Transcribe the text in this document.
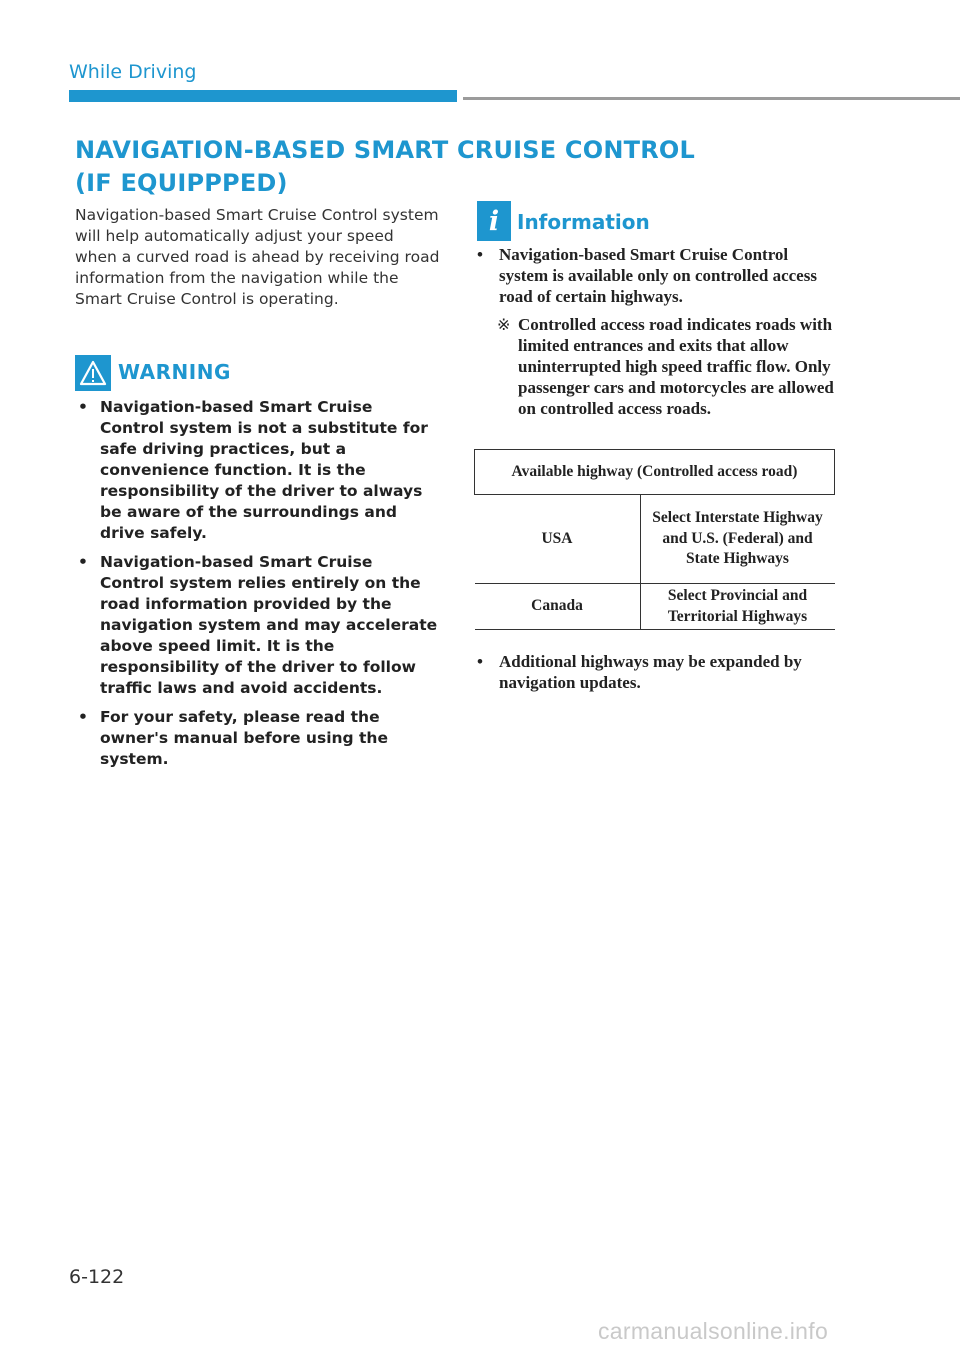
While Driving
NAVIGATION-BASED SMART CRUISE CONTROL
(IF EQUIPPPED)
Navigation-based Smart Cruise Control system will help automatically adjust your speed when a curved road is ahead by receiving road information from the navigation while the Smart Cruise Control is operating.
WARNING
• Navigation-based Smart Cruise Control system is not a substitute for safe driving practices, but a convenience function. It is the responsibility of the driver to always be aware of the surroundings and drive safely.
• Navigation-based Smart Cruise Control system relies entirely on the road information provided by the navigation system and may accelerate above speed limit. It is the responsibility of the driver to follow traffic laws and avoid accidents.
• For your safety, please read the owner's manual before using the system.
i Information
• Navigation-based Smart Cruise Control system is available only on controlled access road of certain highways.
※ Controlled access road indicates roads with limited entrances and exits that allow uninterrupted high speed traffic flow. Only passenger cars and motorcycles are allowed on controlled access roads.
Available highway (Controlled access road)	
USA	Select Interstate Highway and U.S. (Federal) and State Highways
Canada	Select Provincial and Territorial Highways
• Additional highways may be expanded by navigation updates.
6-122
carmanualsonline.info
